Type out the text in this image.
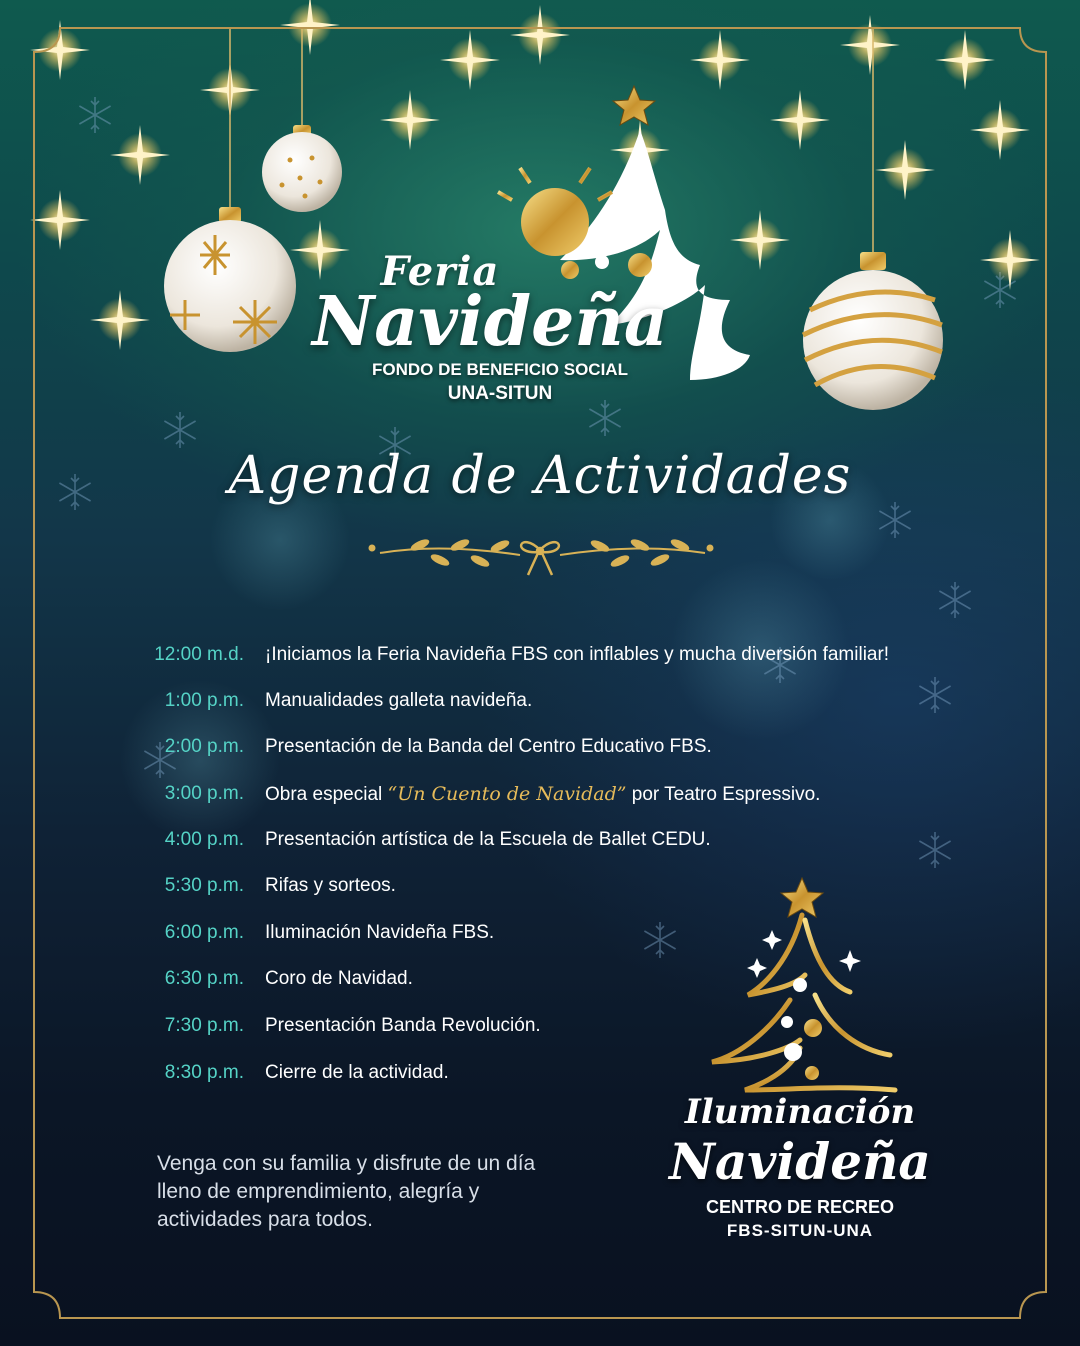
Feria
Navideña
FONDO DE BENEFICIO SOCIAL
UNA-SITUN
Agenda de Actividades
12:00 m.d. ¡Iniciamos la Feria Navideña FBS con inflables y mucha diversión familiar!
1:00 p.m. Manualidades galleta navideña.
2:00 p.m. Presentación de la Banda del Centro Educativo FBS.
3:00 p.m. Obra especial “Un Cuento de Navidad” por Teatro Espressivo.
4:00 p.m. Presentación artística de la Escuela de Ballet CEDU.
5:30 p.m. Rifas y sorteos.
6:00 p.m. Iluminación Navideña FBS.
6:30 p.m. Coro de Navidad.
7:30 p.m. Presentación Banda Revolución.
8:30 p.m. Cierre de la actividad.
Venga con su familia y disfrute de un día
lleno de emprendimiento, alegría y
actividades para todos.
Iluminación
Navideña
CENTRO DE RECREO
FBS-SITUN-UNA
